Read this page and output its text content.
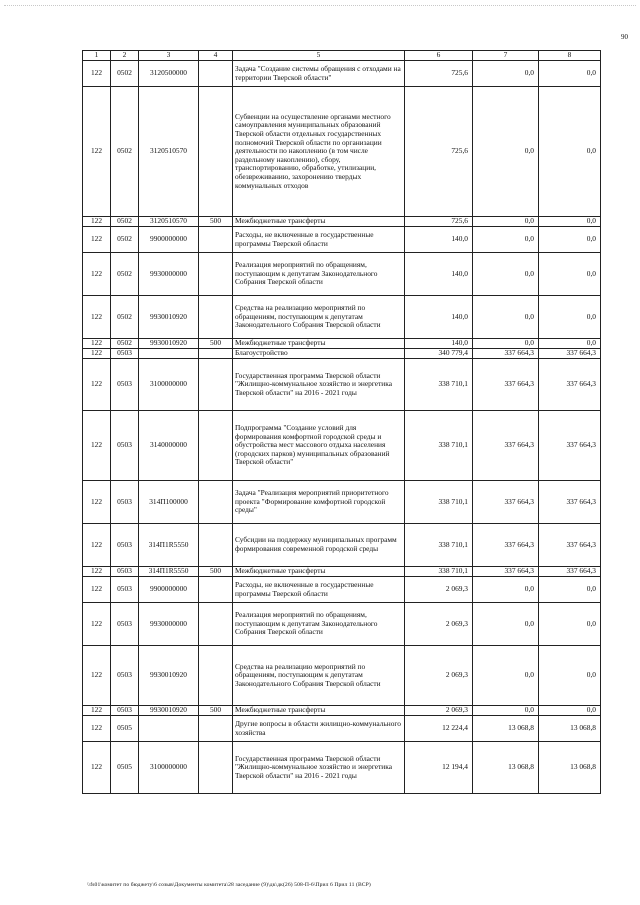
90
1	2	3	4	5	6	7	8
122	0502	3120500000		Задача "Создание системы обращения с отходами на территории Тверской области"	725,6	0,0	0,0
122	0502	3120510570		Субвенции на осуществление органами местного самоуправления муниципальных образований Тверской области отдельных государственных полномочий Тверской области по организации деятельности по накоплению (в том числе раздельному накоплению), сбору, транспортированию, обработке, утилизации, обезвреживанию, захоронению твердых коммунальных отходов	725,6	0,0	0,0
122	0502	3120510570	500	Межбюджетные трансферты	725,6	0,0	0,0
122	0502	9900000000		Расходы, не включенные в государственные программы Тверской области	140,0	0,0	0,0
122	0502	9930000000		Реализация мероприятий по обращениям, поступающим к депутатам Законодательного Собрания Тверской области	140,0	0,0	0,0
122	0502	9930010920		Средства на реализацию мероприятий по обращениям, поступающим к депутатам Законодательного Собрания Тверской области	140,0	0,0	0,0
122	0502	9930010920	500	Межбюджетные трансферты	140,0	0,0	0,0
122	0503			Благоустройство	340 779,4	337 664,3	337 664,3
122	0503	3100000000		Государственная программа Тверской области "Жилищно-коммунальное хозяйство и энергетика Тверской области" на 2016 - 2021 годы	338 710,1	337 664,3	337 664,3
122	0503	3140000000		Подпрограмма "Создание условий для формирования комфортной городской среды и обустройства мест массового отдыха населения (городских парков) муниципальных образований Тверской области"	338 710,1	337 664,3	337 664,3
122	0503	314П100000		Задача "Реализация мероприятий приоритетного проекта "Формирование комфортной городской среды"	338 710,1	337 664,3	337 664,3
122	0503	314П1R5550		Субсидии на поддержку муниципальных программ формирования современной городской среды	338 710,1	337 664,3	337 664,3
122	0503	314П1R5550	500	Межбюджетные трансферты	338 710,1	337 664,3	337 664,3
122	0503	9900000000		Расходы, не включенные в государственные программы Тверской области	2 069,3	0,0	0,0
122	0503	9930000000		Реализация мероприятий по обращениям, поступающим к депутатам Законодательного Собрания Тверской области	2 069,3	0,0	0,0
122	0503	9930010920		Средства на реализацию мероприятий по обращениям, поступающим к депутатам Законодательного Собрания Тверской области	2 069,3	0,0	0,0
122	0503	9930010920	500	Межбюджетные трансферты	2 069,3	0,0	0,0
122	0505			Другие вопросы в области жилищно-коммунального хозяйства	12 224,4	13 068,8	13 068,8
122	0505	3100000000		Государственная программа Тверской области "Жилищно-коммунальное хозяйство и энергетика Тверской области" на 2016 - 2021 годы	12 194,4	13 068,8	13 068,8
\\fs01\комитет по бюджету\6 созыв\Документы комитета\28 заседание (9)\дк\дк(26) 508-П-6\Прил 6 Прил 11 (BCP)
